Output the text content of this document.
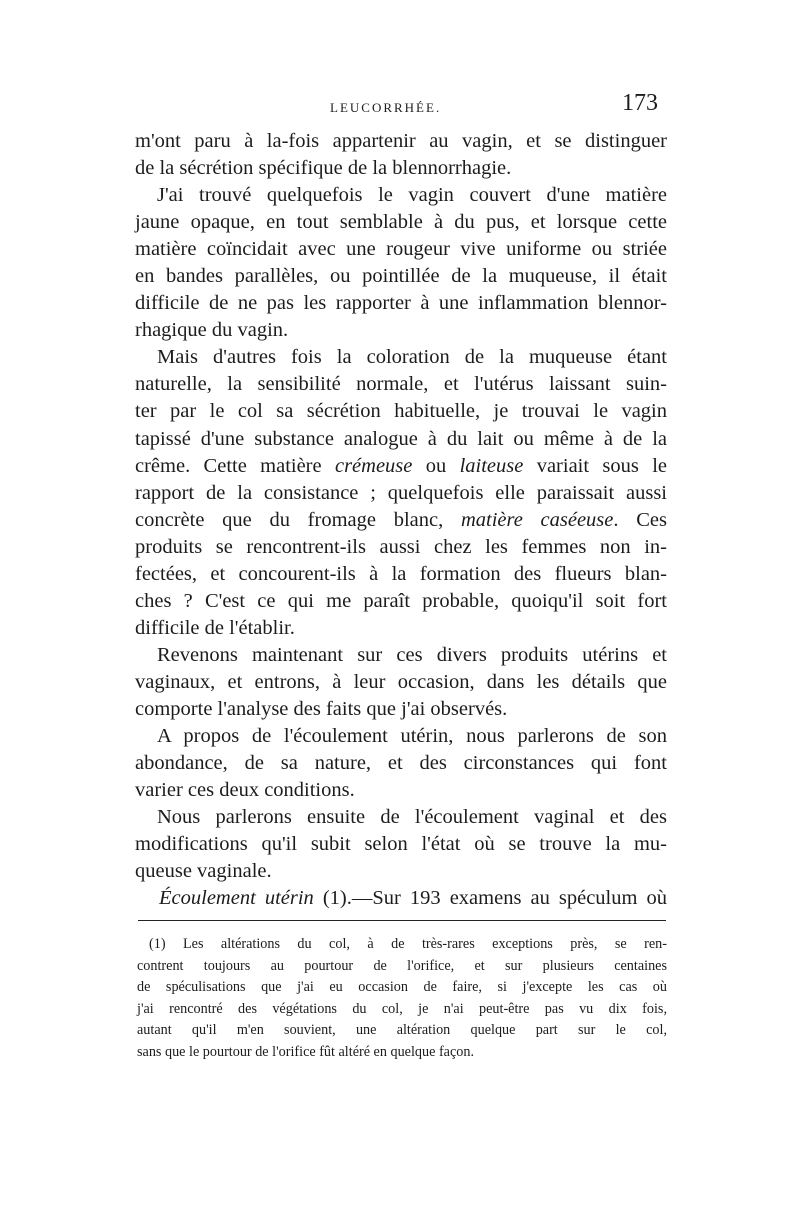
LEUCORRHÉE.	173
m'ont paru à la-fois appartenir au vagin, et se distinguer
de la sécrétion spécifique de la blennorrhagie.
J'ai trouvé quelquefois le vagin couvert d'une matière
jaune opaque, en tout semblable à du pus, et lorsque cette
matière coïncidait avec une rougeur vive uniforme ou striée
en bandes parallèles, ou pointillée de la muqueuse, il était
difficile de ne pas les rapporter à une inflammation blennor-
rhagique du vagin.
Mais d'autres fois la coloration de la muqueuse étant
naturelle, la sensibilité normale, et l'utérus laissant suin-
ter par le col sa sécrétion habituelle, je trouvai le vagin
tapissé d'une substance analogue à du lait ou même à de la
crême. Cette matière crémeuse ou laiteuse variait sous le
rapport de la consistance ; quelquefois elle paraissait aussi
concrète que du fromage blanc, matière caséeuse. Ces
produits se rencontrent-ils aussi chez les femmes non in-
fectées, et concourent-ils à la formation des flueurs blan-
ches ? C'est ce qui me paraît probable, quoiqu'il soit fort
difficile de l'établir.
Revenons maintenant sur ces divers produits utérins et
vaginaux, et entrons, à leur occasion, dans les détails que
comporte l'analyse des faits que j'ai observés.
A propos de l'écoulement utérin, nous parlerons de son
abondance, de sa nature, et des circonstances qui font
varier ces deux conditions.
Nous parlerons ensuite de l'écoulement vaginal et des
modifications qu'il subit selon l'état où se trouve la mu-
queuse vaginale.
Écoulement utérin (1).—Sur 193 examens au spéculum où
(1) Les altérations du col, à de très-rares exceptions près, se ren-
contrent toujours au pourtour de l'orifice, et sur plusieurs centaines
de spéculisations que j'ai eu occasion de faire, si j'excepte les cas où
j'ai rencontré des végétations du col, je n'ai peut-être pas vu dix fois,
autant qu'il m'en souvient, une altération quelque part sur le col,
sans que le pourtour de l'orifice fût altéré en quelque façon.
